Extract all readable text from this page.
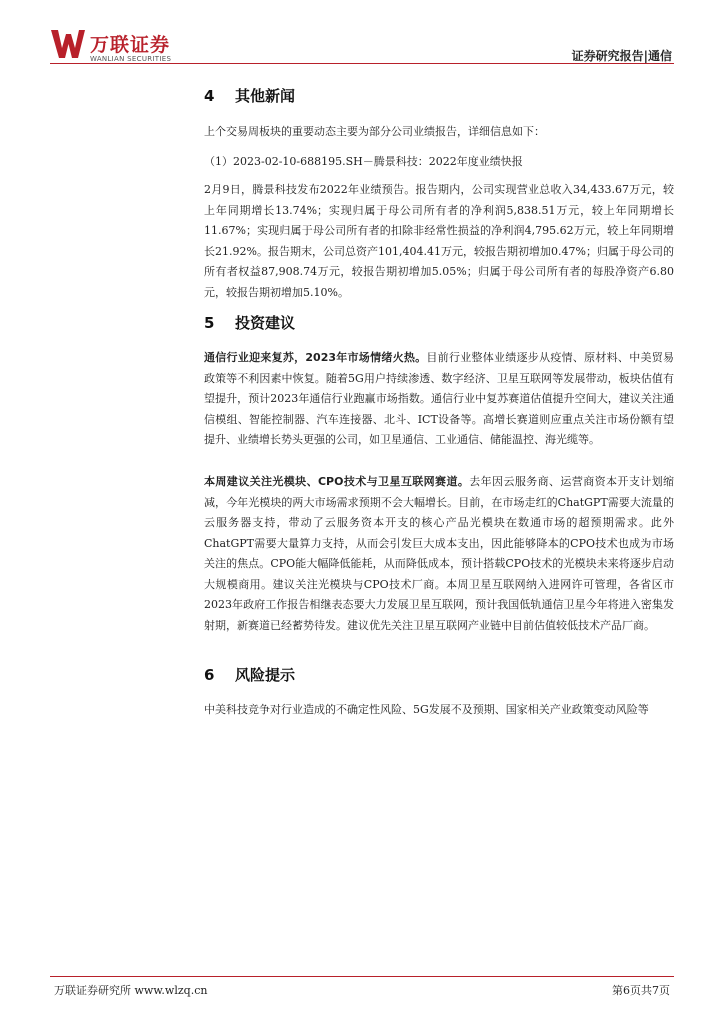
万联证券
WANLIAN SECURITIES	证券研究报告|通信
4	其他新闻

上个交易周板块的重要动态主要为部分公司业绩报告，详细信息如下：

（1）2023-02-10-688195.SH－腾景科技：2022年度业绩快报

2月9日，腾景科技发布2022年业绩预告。报告期内，公司实现营业总收入34,433.67万元，较上年同期增长13.74%；实现归属于母公司所有者的净利润5,838.51万元，较上年同期增长11.67%；实现归属于母公司所有者的扣除非经常性损益的净利润4,795.62万元，较上年同期增长21.92%。报告期末，公司总资产101,404.41万元，较报告期初增加0.47%；归属于母公司的所有者权益87,908.74万元，较报告期初增加5.05%；归属于母公司所有者的每股净资产6.80元，较报告期初增加5.10%。

5	投资建议

通信行业迎来复苏，2023年市场情绪火热。目前行业整体业绩逐步从疫情、原材料、中美贸易政策等不利因素中恢复。随着5G用户持续渗透、数字经济、卫星互联网等发展带动，板块估值有望提升，预计2023年通信行业跑赢市场指数。通信行业中复苏赛道估值提升空间大，建议关注通信模组、智能控制器、汽车连接器、北斗、ICT设备等。高增长赛道则应重点关注市场份额有望提升、业绩增长势头更强的公司，如卫星通信、工业通信、储能温控、海光缆等。

本周建议关注光模块、CPO技术与卫星互联网赛道。去年因云服务商、运营商资本开支计划缩减，今年光模块的两大市场需求预期不会大幅增长。目前，在市场走红的ChatGPT需要大流量的云服务器支持，带动了云服务资本开支的核心产品光模块在数通市场的超预期需求。此外ChatGPT需要大量算力支持，从而会引发巨大成本支出，因此能够降本的CPO技术也成为市场关注的焦点。CPO能大幅降低能耗，从而降低成本，预计搭载CPO技术的光模块未来将逐步启动大规模商用。建议关注光模块与CPO技术厂商。本周卫星互联网纳入进网许可管理，各省区市2023年政府工作报告相继表态要大力发展卫星互联网，预计我国低轨通信卫星今年将进入密集发射期，新赛道已经蓄势待发。建议优先关注卫星互联网产业链中目前估值较低技术产品厂商。

6	风险提示

中美科技竞争对行业造成的不确定性风险、5G发展不及预期、国家相关产业政策变动风险等

万联证券研究所 www.wlzq.cn	第6页共7页
